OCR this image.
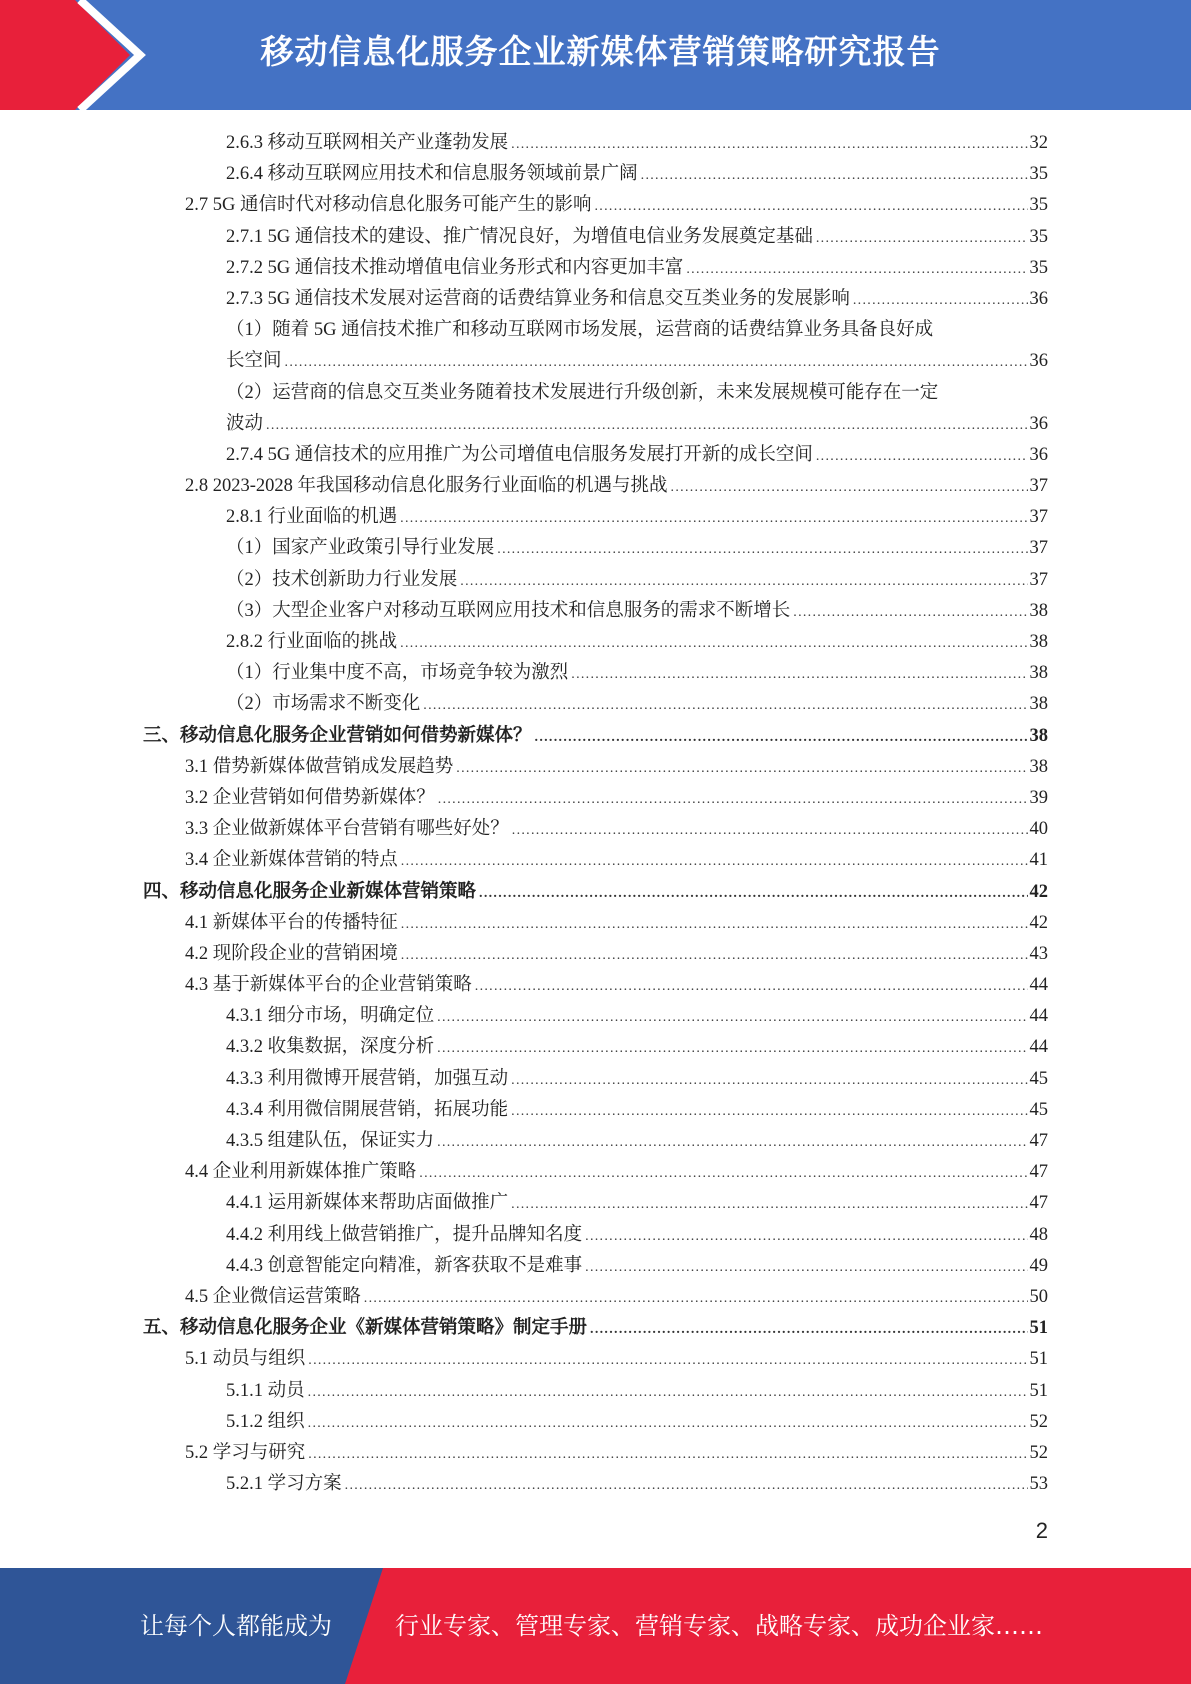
移动信息化服务企业新媒体营销策略研究报告
2.6.3 移动互联网相关产业蓬勃发展 .....	32
2.6.4 移动互联网应用技术和信息服务领域前景广阔 .....	35
2.7 5G 通信时代对移动信息化服务可能产生的影响 .....	35
2.7.1 5G 通信技术的建设、推广情况良好，为增值电信业务发展奠定基础 .....	35
2.7.2 5G 通信技术推动增值电信业务形式和内容更加丰富 .....	35
2.7.3 5G 通信技术发展对运营商的话费结算业务和信息交互类业务的发展影响 .....	36
（1）随着 5G 通信技术推广和移动互联网市场发展，运营商的话费结算业务具备良好成
长空间 .....	36
（2）运营商的信息交互类业务随着技术发展进行升级创新，未来发展规模可能存在一定
波动 .....	36
2.7.4 5G 通信技术的应用推广为公司增值电信服务发展打开新的成长空间 .....	36
2.8 2023-2028 年我国移动信息化服务行业面临的机遇与挑战 .....	37
2.8.1 行业面临的机遇 .....	37
（1）国家产业政策引导行业发展 .....	37
（2）技术创新助力行业发展 .....	37
（3）大型企业客户对移动互联网应用技术和信息服务的需求不断增长 .....	38
2.8.2 行业面临的挑战 .....	38
（1）行业集中度不高，市场竞争较为激烈 .....	38
（2）市场需求不断变化 .....	38
三、移动信息化服务企业营销如何借势新媒体？ .....	38
3.1 借势新媒体做营销成发展趋势 .....	38
3.2 企业营销如何借势新媒体？ .....	39
3.3 企业做新媒体平台营销有哪些好处？ .....	40
3.4 企业新媒体营销的特点 .....	41
四、移动信息化服务企业新媒体营销策略 .....	42
4.1 新媒体平台的传播特征 .....	42
4.2 现阶段企业的营销困境 .....	43
4.3 基于新媒体平台的企业营销策略 .....	44
4.3.1 细分市场，明确定位 .....	44
4.3.2 收集数据，深度分析 .....	44
4.3.3 利用微博开展营销，加强互动 .....	45
4.3.4 利用微信開展营销，拓展功能 .....	45
4.3.5 组建队伍，保证实力 .....	47
4.4 企业利用新媒体推广策略 .....	47
4.4.1 运用新媒体来帮助店面做推广 .....	47
4.4.2 利用线上做营销推广，提升品牌知名度 .....	48
4.4.3 创意智能定向精准，新客获取不是难事 .....	49
4.5 企业微信运营策略 .....	50
五、移动信息化服务企业《新媒体营销策略》制定手册 .....	51
5.1 动员与组织 .....	51
5.1.1 动员 .....	51
5.1.2 组织 .....	52
5.2 学习与研究 .....	52
5.2.1 学习方案 .....	53
2
让每个人都能成为	行业专家、管理专家、营销专家、战略专家、成功企业家……
